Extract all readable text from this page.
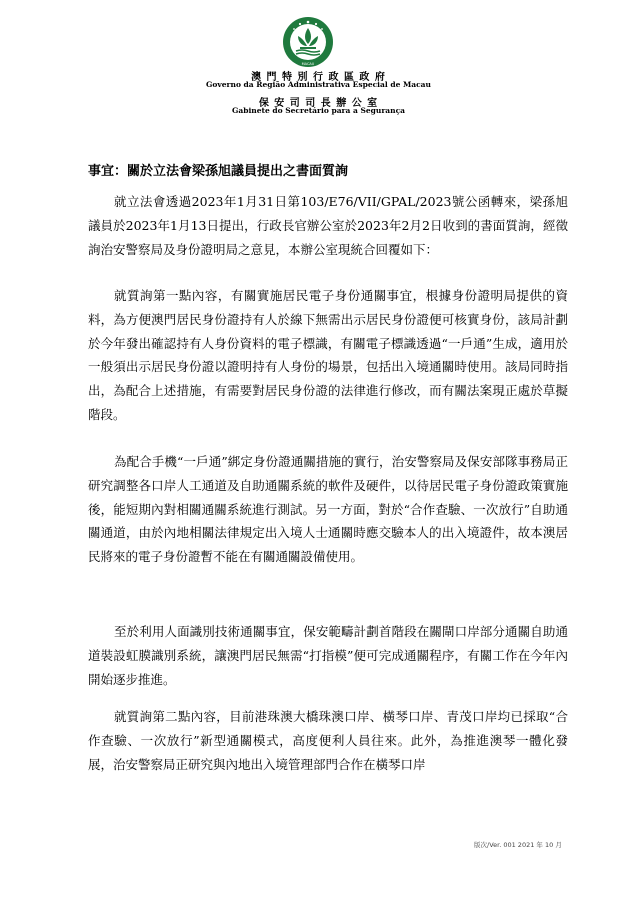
MACAU
澳 門 特 別 行 政 區 政 府
Governo da Região Administrativa Especial de Macau
保 安 司 司 長 辦 公 室
Gabinete do Secretário para a Segurança
事宜：關於立法會梁孫旭議員提出之書面質詢

就立法會透過2023年1月31日第103/E76/VII/GPAL/2023號公函轉來，梁孫旭議員於2023年1月13日提出，行政長官辦公室於2023年2月2日收到的書面質詢，經徵詢治安警察局及身份證明局之意見，本辦公室現統合回覆如下：

就質詢第一點內容，有關實施居民電子身份通關事宜，根據身份證明局提供的資料，為方便澳門居民身份證持有人於線下無需出示居民身份證便可核實身份，該局計劃於今年發出確認持有人身份資料的電子標識，有關電子標識透過“一戶通”生成，適用於一般須出示居民身份證以證明持有人身份的場景，包括出入境通關時使用。該局同時指出，為配合上述措施，有需要對居民身份證的法律進行修改，而有關法案現正處於草擬階段。

為配合手機“一戶通”綁定身份證通關措施的實行，治安警察局及保安部隊事務局正研究調整各口岸人工通道及自助通關系統的軟件及硬件，以待居民電子身份證政策實施後，能短期內對相關通關系統進行測試。另一方面，對於“合作查驗、一次放行”自助通關通道，由於內地相關法律規定出入境人士通關時應交驗本人的出入境證件，故本澳居民將來的電子身份證暫不能在有關通關設備使用。

至於利用人面識別技術通關事宜，保安範疇計劃首階段在關閘口岸部分通關自助通道裝設虹膜識別系統，讓澳門居民無需“打指模”便可完成通關程序，有關工作在今年內開始逐步推進。

就質詢第二點內容，目前港珠澳大橋珠澳口岸、橫琴口岸、青茂口岸均已採取“合作查驗、一次放行”新型通關模式，高度便利人員往來。此外，為推進澳琴一體化發展，治安警察局正研究與內地出入境管理部門合作在橫琴口岸

版次/Ver. 001 2021 年 10 月
